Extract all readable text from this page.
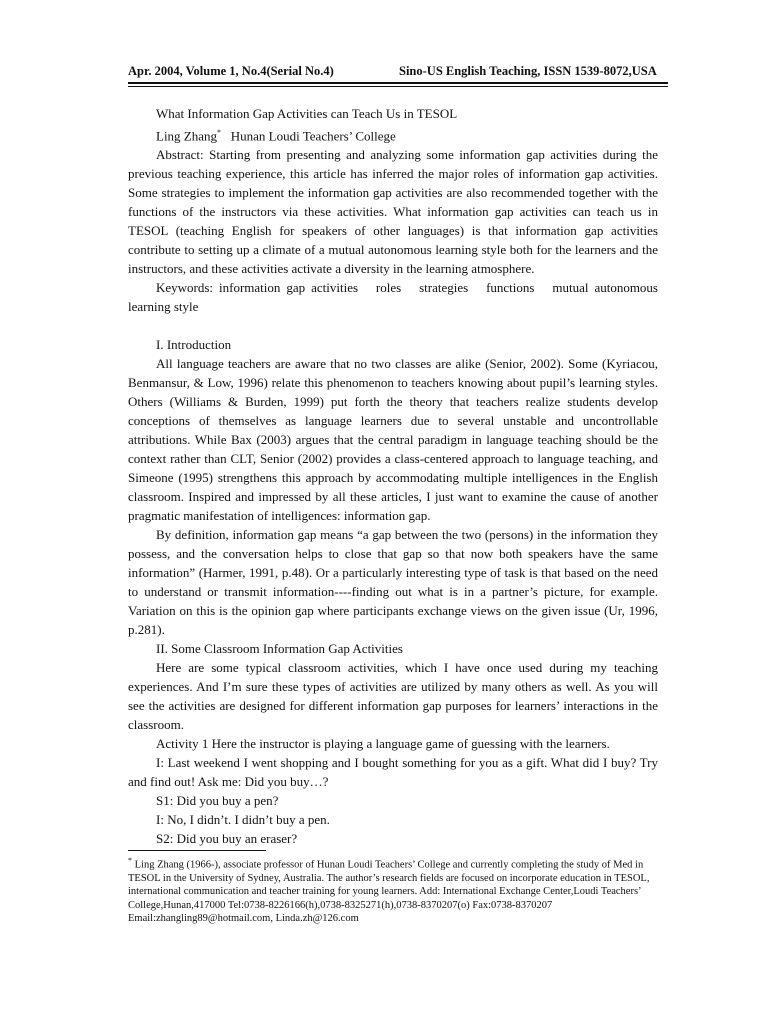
Apr. 2004, Volume 1, No.4(Serial No.4)	Sino-US English Teaching, ISSN 1539-8072,USA

What Information Gap Activities can Teach Us in TESOL

Ling Zhang* Hunan Loudi Teachers’ College

Abstract: Starting from presenting and analyzing some information gap activities during the previous teaching experience, this article has inferred the major roles of information gap activities. Some strategies to implement the information gap activities are also recommended together with the functions of the instructors via these activities. What information gap activities can teach us in TESOL (teaching English for speakers of other languages) is that information gap activities contribute to setting up a climate of a mutual autonomous learning style both for the learners and the instructors, and these activities activate a diversity in the learning atmosphere.

Keywords: information gap activities   roles   strategies   functions   mutual autonomous learning style

I. Introduction

All language teachers are aware that no two classes are alike (Senior, 2002). Some (Kyriacou, Benmansur, & Low, 1996) relate this phenomenon to teachers knowing about pupil’s learning styles. Others (Williams & Burden, 1999) put forth the theory that teachers realize students develop conceptions of themselves as language learners due to several unstable and uncontrollable attributions. While Bax (2003) argues that the central paradigm in language teaching should be the context rather than CLT, Senior (2002) provides a class-centered approach to language teaching, and Simeone (1995) strengthens this approach by accommodating multiple intelligences in the English classroom. Inspired and impressed by all these articles, I just want to examine the cause of another pragmatic manifestation of intelligences: information gap.

By definition, information gap means “a gap between the two (persons) in the information they possess, and the conversation helps to close that gap so that now both speakers have the same information” (Harmer, 1991, p.48). Or a particularly interesting type of task is that based on the need to understand or transmit information----finding out what is in a partner’s picture, for example. Variation on this is the opinion gap where participants exchange views on the given issue (Ur, 1996, p.281).

II. Some Classroom Information Gap Activities

Here are some typical classroom activities, which I have once used during my teaching experiences. And I’m sure these types of activities are utilized by many others as well. As you will see the activities are designed for different information gap purposes for learners’ interactions in the classroom.

Activity 1 Here the instructor is playing a language game of guessing with the learners.

I: Last weekend I went shopping and I bought something for you as a gift. What did I buy? Try and find out! Ask me: Did you buy…?

S1: Did you buy a pen?

I: No, I didn’t. I didn’t buy a pen.

S2: Did you buy an eraser?

* Ling Zhang (1966-), associate professor of Hunan Loudi Teachers’ College and currently completing the study of Med in TESOL in the University of Sydney, Australia. The author’s research fields are focused on incorporate education in TESOL, international communication and teacher training for young learners. Add: International Exchange Center,Loudi Teachers’ College,Hunan,417000 Tel:0738-8226166(h),0738-8325271(h),0738-8370207(o) Fax:0738-8370207 Email:zhangling89@hotmail.com, Linda.zh@126.com
